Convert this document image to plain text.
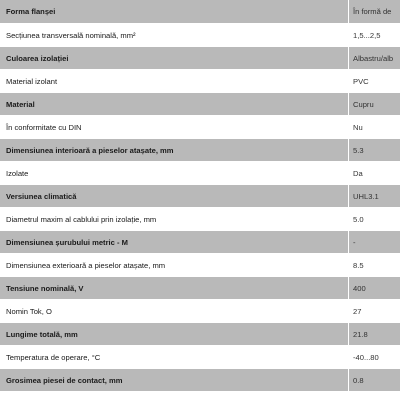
Forma flanșei	În formă de
Secțiunea transversală nominală, mm²	1,5...2,5
Culoarea izolației	Albastru/alb
Material izolant	PVC
Material	Cupru
În conformitate cu DIN	Nu
Dimensiunea interioară a pieselor atașate, mm	5.3
Izolate	Da
Versiunea climatică	UHL3.1
Diametrul maxim al cablului prin izolație, mm	5.0
Dimensiunea șurubului metric - M	-
Dimensiunea exterioară a pieselor atașate, mm	8.5
Tensiune nominală, V	400
Nomin Tok, O	27
Lungime totală, mm	21.8
Temperatura de operare, °C	-40...80
Grosimea piesei de contact, mm	0.8
